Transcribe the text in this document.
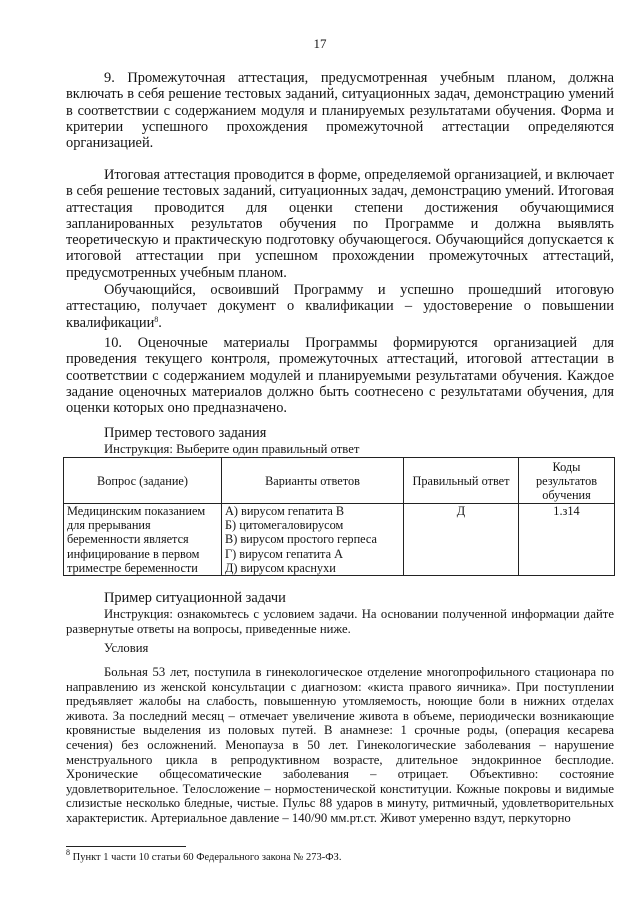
17

9. Промежуточная аттестация, предусмотренная учебным планом, должна включать в себя решение тестовых заданий, ситуационных задач, демонстрацию умений в соответствии с содержанием модуля и планируемых результатами обучения. Форма и критерии успешного прохождения промежуточной аттестации определяются организацией.

Итоговая аттестация проводится в форме, определяемой организацией, и включает в себя решение тестовых заданий, ситуационных задач, демонстрацию умений. Итоговая аттестация проводится для оценки степени достижения обучающимися запланированных результатов обучения по Программе и должна выявлять теоретическую и практическую подготовку обучающегося. Обучающийся допускается к итоговой аттестации при успешном прохождении промежуточных аттестаций, предусмотренных учебным планом.

Обучающийся, освоивший Программу и успешно прошедший итоговую аттестацию, получает документ о квалификации – удостоверение о повышении квалификации$^8$.

10. Оценочные материалы Программы формируются организацией для проведения текущего контроля, промежуточных аттестаций, итоговой аттестации в соответствии с содержанием модулей и планируемыми результатами обучения. Каждое задание оценочных материалов должно быть соотнесено с результатами обучения, для оценки которых оно предназначено.

Пример тестового задания
Инструкция: Выберите один правильный ответ
Вопрос (задание)	Варианты ответов	Правильный ответ	Коды
результатов
обучения

Медицинским показанием
для прерывания
беременности является
инфицирование в первом
триместре беременности	А) вирусом гепатита В
Б) цитомегаловирусом
В) вирусом простого герпеса
Г) вирусом гепатита А
Д) вирусом краснухи	Д	1.з14
Пример ситуационной задачи

Инструкция: ознакомьтесь с условием задачи. На основании полученной информации дайте развернутые ответы на вопросы, приведенные ниже.

Условия

Больная 53 лет, поступила в гинекологическое отделение многопрофильного стационара по направлению из женской консультации с диагнозом: «киста правого яичника». При поступлении предъявляет жалобы на слабость, повышенную утомляемость, ноющие боли в нижних отделах живота. За последний месяц – отмечает увеличение живота в объеме, периодически возникающие кровянистые выделения из половых путей. В анамнезе: 1 срочные роды, (операция кесарева сечения) без осложнений. Менопауза в 50 лет. Гинекологические заболевания – нарушение менструального цикла в репродуктивном возрасте, длительное эндокринное бесплодие. Хронические общесоматические заболевания – отрицает. Объективно: состояние удовлетворительное. Телосложение – нормостенической конституции. Кожные покровы и видимые слизистые несколько бледные, чистые. Пульс 88 ударов в минуту, ритмичный, удовлетворительных характеристик. Артериальное давление – 140/90 мм.рт.ст. Живот умеренно вздут, перкуторно

$^8$ Пункт 1 части 10 статьи 60 Федерального закона № 273-ФЗ.
